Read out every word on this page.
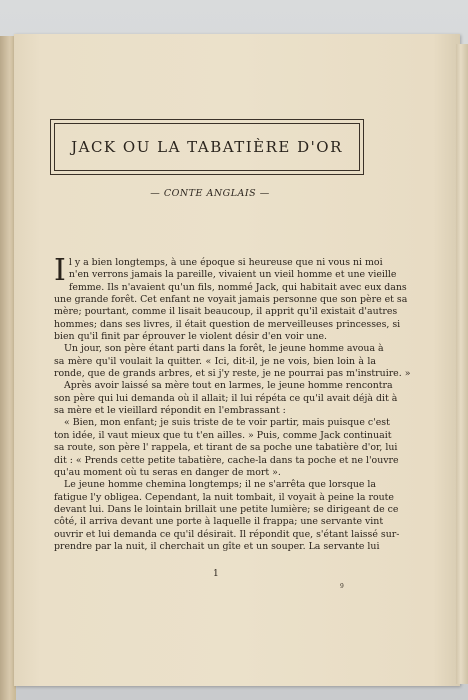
JACK OU LA TABATIÈRE D'OR
— CONTE ANGLAIS —
I l y a bien longtemps, à une époque si heureuse que ni vous ni moi
n'en verrons jamais la pareille, vivaient un vieil homme et une vieille
femme. Ils n'avaient qu'un fils, nommé Jack, qui habitait avec eux dans
une grande forêt. Cet enfant ne voyait jamais personne que son père et sa
mère; pourtant, comme il lisait beaucoup, il apprit qu'il existait d'autres
hommes; dans ses livres, il était question de merveilleuses princesses, si
bien qu'il finit par éprouver le violent désir d'en voir une.
Un jour, son père étant parti dans la forêt, le jeune homme avoua à
sa mère qu'il voulait la quitter. « Ici, dit-il, je ne vois, bien loin à la
ronde, que de grands arbres, et si j'y reste, je ne pourrai pas m'instruire. »
Après avoir laissé sa mère tout en larmes, le jeune homme rencontra
son père qui lui demanda où il allait; il lui répéta ce qu'il avait déjà dit à
sa mère et le vieillard répondit en l'embrassant :
« Bien, mon enfant; je suis triste de te voir partir, mais puisque c'est
ton idée, il vaut mieux que tu t'en ailles. » Puis, comme Jack continuait
sa route, son père l' rappela, et tirant de sa poche une tabatière d'or, lui
dit : « Prends cette petite tabatière, cache-la dans ta poche et ne l'ouvre
qu'au moment où tu seras en danger de mort ».
Le jeune homme chemina longtemps; il ne s'arrêta que lorsque la
fatigue l'y obligea. Cependant, la nuit tombait, il voyait à peine la route
devant lui. Dans le lointain brillait une petite lumière; se dirigeant de ce
côté, il arriva devant une porte à laquelle il frappa; une servante vint
ouvrir et lui demanda ce qu'il désirait. Il répondit que, s'étant laissé sur-
prendre par la nuit, il cherchait un gîte et un souper. La servante lui
1
9
